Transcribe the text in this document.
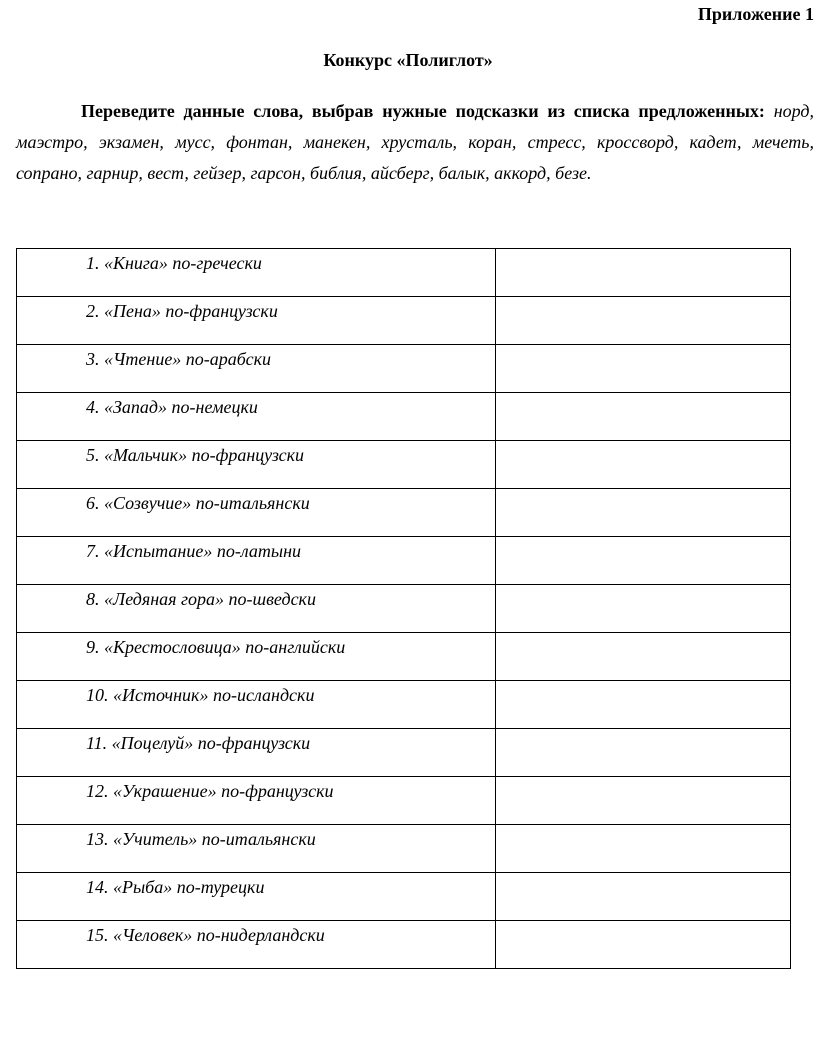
Приложение 1

Конкурс «Полиглот»

Переведите данные слова, выбрав нужные подсказки из списка предложенных: норд, маэстро, экзамен, мусс, фонтан, манекен, хрусталь, коран, стресс, кроссворд, кадет, мечеть, сопрано, гарнир, вест, гейзер, гарсон, библия, айсберг, балык, аккорд, безе.

1. «Книга» по-гречески	
2. «Пена» по-французски	
3. «Чтение» по-арабски	
4. «Запад» по-немецки	
5. «Мальчик» по-французски	
6. «Созвучие» по-итальянски	
7. «Испытание» по-латыни	
8. «Ледяная гора» по-шведски	
9. «Крестословица» по-английски	
10. «Источник» по-исландски	
11. «Поцелуй» по-французски	
12. «Украшение» по-французски	
13. «Учитель» по-итальянски	
14. «Рыба» по-турецки	
15. «Человек» по-нидерландски	
